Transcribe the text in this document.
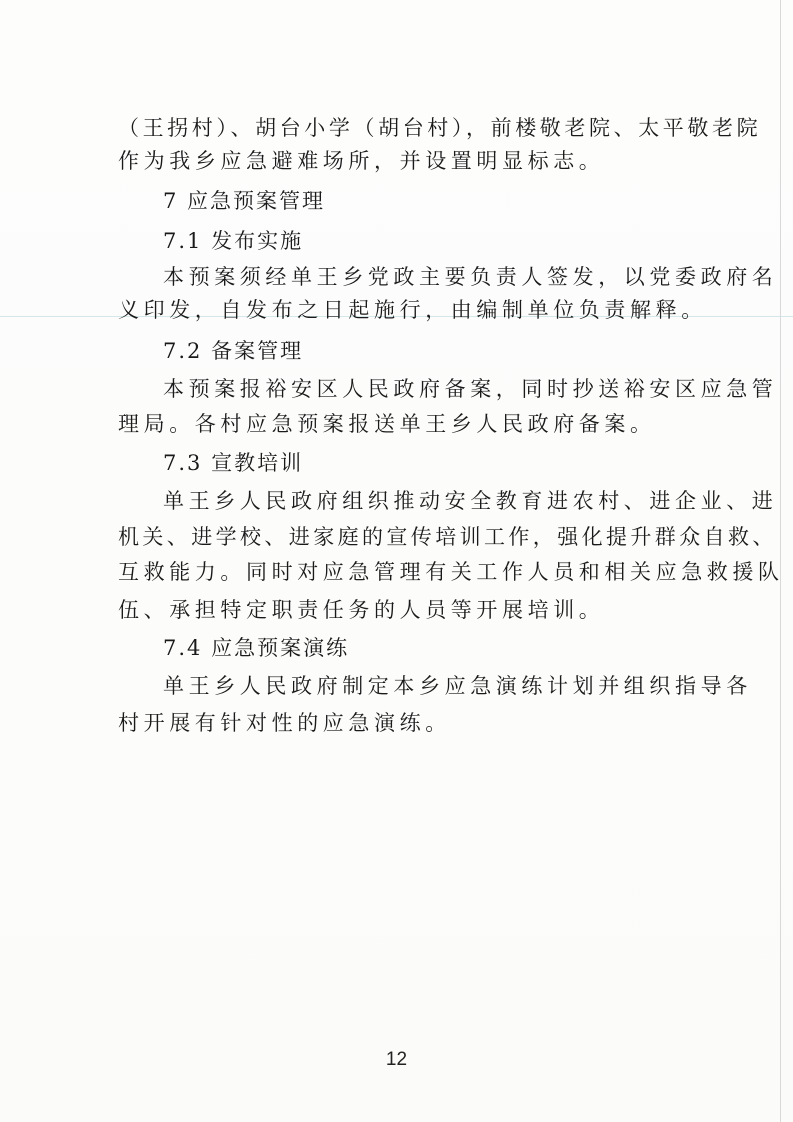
（王拐村）、胡台小学（胡台村），前楼敬老院、太平敬老院
作为我乡应急避难场所，并设置明显标志。
7 应急预案管理
7.1 发布实施
本预案须经单王乡党政主要负责人签发，以党委政府名
义印发，自发布之日起施行，由编制单位负责解释。
7.2 备案管理
本预案报裕安区人民政府备案，同时抄送裕安区应急管
理局。各村应急预案报送单王乡人民政府备案。
7.3 宣教培训
单王乡人民政府组织推动安全教育进农村、进企业、进
机关、进学校、进家庭的宣传培训工作，强化提升群众自救、
互救能力。同时对应急管理有关工作人员和相关应急救援队
伍、承担特定职责任务的人员等开展培训。
7.4 应急预案演练
单王乡人民政府制定本乡应急演练计划并组织指导各
村开展有针对性的应急演练。
12
